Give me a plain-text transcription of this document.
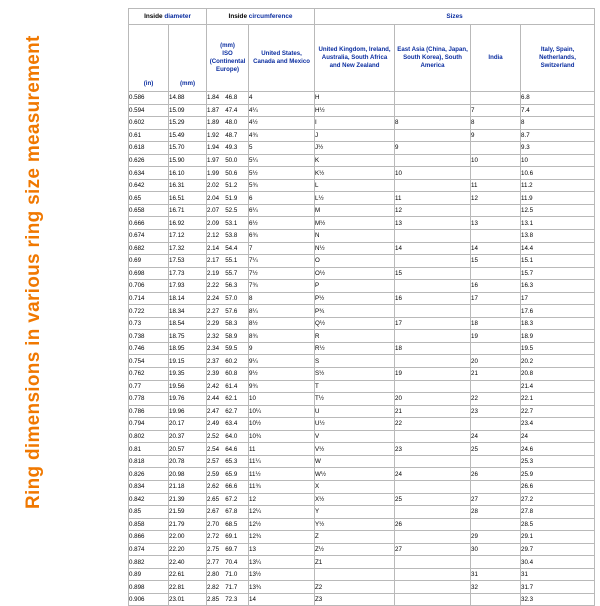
Ring dimensions in various ring size measurement
Inside diameter		Inside circumference		Sizes			
(in)	(mm)	(mm)
ISO
(Continental
Europe)	United States, Canada and Mexico	United Kingdom, Ireland, Australia, South Africa and New Zealand	East Asia (China, Japan, South Korea), South America	India	Italy, Spain, Netherlands, Switzerland
0.586	14.88	1.84 46.8	4	H			6.8
0.594	15.09	1.87 47.4	4¼	H½		7	7.4
0.602	15.29	1.89 48.0	4½	I	8	8	8
0.61	15.49	1.92 48.7	4¾	J		9	8.7
0.618	15.70	1.94 49.3	5	J½	9		9.3
0.626	15.90	1.97 50.0	5¼	K		10	10
0.634	16.10	1.99 50.6	5½	K½	10		10.6
0.642	16.31	2.02 51.2	5¾	L		11	11.2
0.65	16.51	2.04 51.9	6	L½	11	12	11.9
0.658	16.71	2.07 52.5	6¼	M	12		12.5
0.666	16.92	2.09 53.1	6½	M½	13	13	13.1
0.674	17.12	2.12 53.8	6¾	N			13.8
0.682	17.32	2.14 54.4	7	N½	14	14	14.4
0.69	17.53	2.17 55.1	7¼	O		15	15.1
0.698	17.73	2.19 55.7	7½	O½	15		15.7
0.706	17.93	2.22 56.3	7¾	P		16	16.3
0.714	18.14	2.24 57.0	8	P½	16	17	17
0.722	18.34	2.27 57.6	8¼	P¾			17.6
0.73	18.54	2.29 58.3	8½	Q½	17	18	18.3
0.738	18.75	2.32 58.9	8¾	R		19	18.9
0.746	18.95	2.34 59.5	9	R½	18		19.5
0.754	19.15	2.37 60.2	9¼	S		20	20.2
0.762	19.35	2.39 60.8	9½	S½	19	21	20.8
0.77	19.56	2.42 61.4	9¾	T			21.4
0.778	19.76	2.44 62.1	10	T½	20	22	22.1
0.786	19.96	2.47 62.7	10¼	U	21	23	22.7
0.794	20.17	2.49 63.4	10½	U½	22		23.4
0.802	20.37	2.52 64.0	10¾	V		24	24
0.81	20.57	2.54 64.6	11	V½	23	25	24.6
0.818	20.78	2.57 65.3	11¼	W			25.3
0.826	20.98	2.59 65.9	11½	W½	24	26	25.9
0.834	21.18	2.62 66.6	11¾	X			26.6
0.842	21.39	2.65 67.2	12	X½	25	27	27.2
0.85	21.59	2.67 67.8	12¼	Y		28	27.8
0.858	21.79	2.70 68.5	12½	Y½	26		28.5
0.866	22.00	2.72 69.1	12¾	Z		29	29.1
0.874	22.20	2.75 69.7	13	Z½	27	30	29.7
0.882	22.40	2.77 70.4	13¼	Z1			30.4
0.89	22.61	2.80 71.0	13½			31	31
0.898	22.81	2.82 71.7	13¾	Z2		32	31.7
0.906	23.01	2.85 72.3	14	Z3			32.3
